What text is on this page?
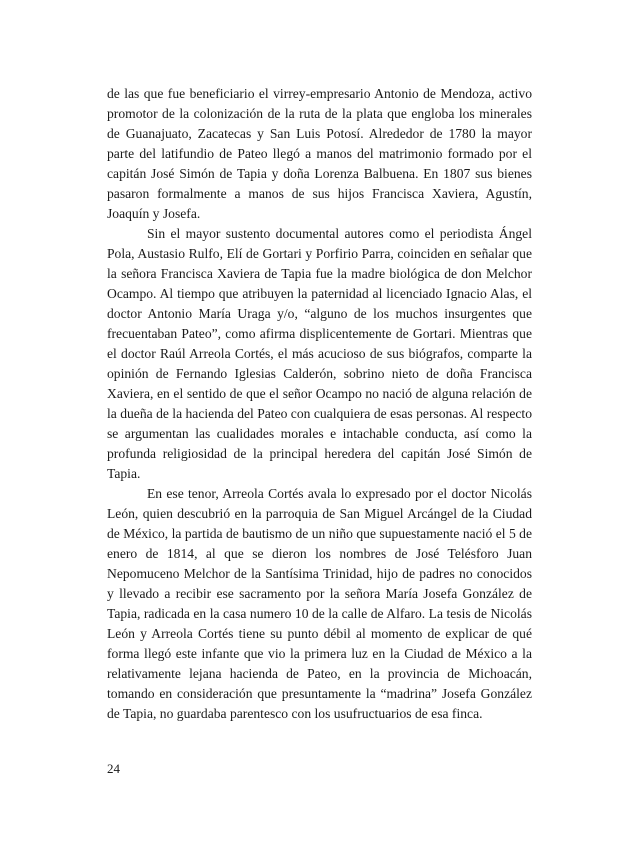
de las que fue beneficiario el virrey-empresario Antonio de Mendoza, activo promotor de la colonización de la ruta de la plata que engloba los minerales de Guanajuato, Zacatecas y San Luis Potosí. Alrededor de 1780 la mayor parte del latifundio de Pateo llegó a manos del matrimonio formado por el capitán José Simón de Tapia y doña Lorenza Balbuena. En 1807 sus bienes pasaron formalmente a manos de sus hijos Francisca Xaviera, Agustín, Joaquín y Josefa.

Sin el mayor sustento documental autores como el periodista Ángel Pola, Austasio Rulfo, Elí de Gortari y Porfirio Parra, coinciden en señalar que la señora Francisca Xaviera de Tapia fue la madre biológica de don Melchor Ocampo. Al tiempo que atribuyen la paternidad al licenciado Ignacio Alas, el doctor Antonio María Uraga y/o, “alguno de los muchos insurgentes que frecuentaban Pateo”, como afirma displicentemente de Gortari. Mientras que el doctor Raúl Arreola Cortés, el más acucioso de sus biógrafos, comparte la opinión de Fernando Iglesias Calderón, sobrino nieto de doña Francisca Xaviera, en el sentido de que el señor Ocampo no nació de alguna relación de la dueña de la hacienda del Pateo con cualquiera de esas personas. Al respecto se argumentan las cualidades morales e intachable conducta, así como la profunda religiosidad de la principal heredera del capitán José Simón de Tapia.

En ese tenor, Arreola Cortés avala lo expresado por el doctor Nicolás León, quien descubrió en la parroquia de San Miguel Arcángel de la Ciudad de México, la partida de bautismo de un niño que supuestamente nació el 5 de enero de 1814, al que se dieron los nombres de José Telésforo Juan Nepomuceno Melchor de la Santísima Trinidad, hijo de padres no conocidos y llevado a recibir ese sacramento por la señora María Josefa González de Tapia, radicada en la casa numero 10 de la calle de Alfaro. La tesis de Nicolás León y Arreola Cortés tiene su punto débil al momento de explicar de qué forma llegó este infante que vio la primera luz en la Ciudad de México a la relativamente lejana hacienda de Pateo, en la provincia de Michoacán, tomando en consideración que presuntamente la “madrina” Josefa González de Tapia, no guardaba parentesco con los usufructuarios de esa finca.

24
